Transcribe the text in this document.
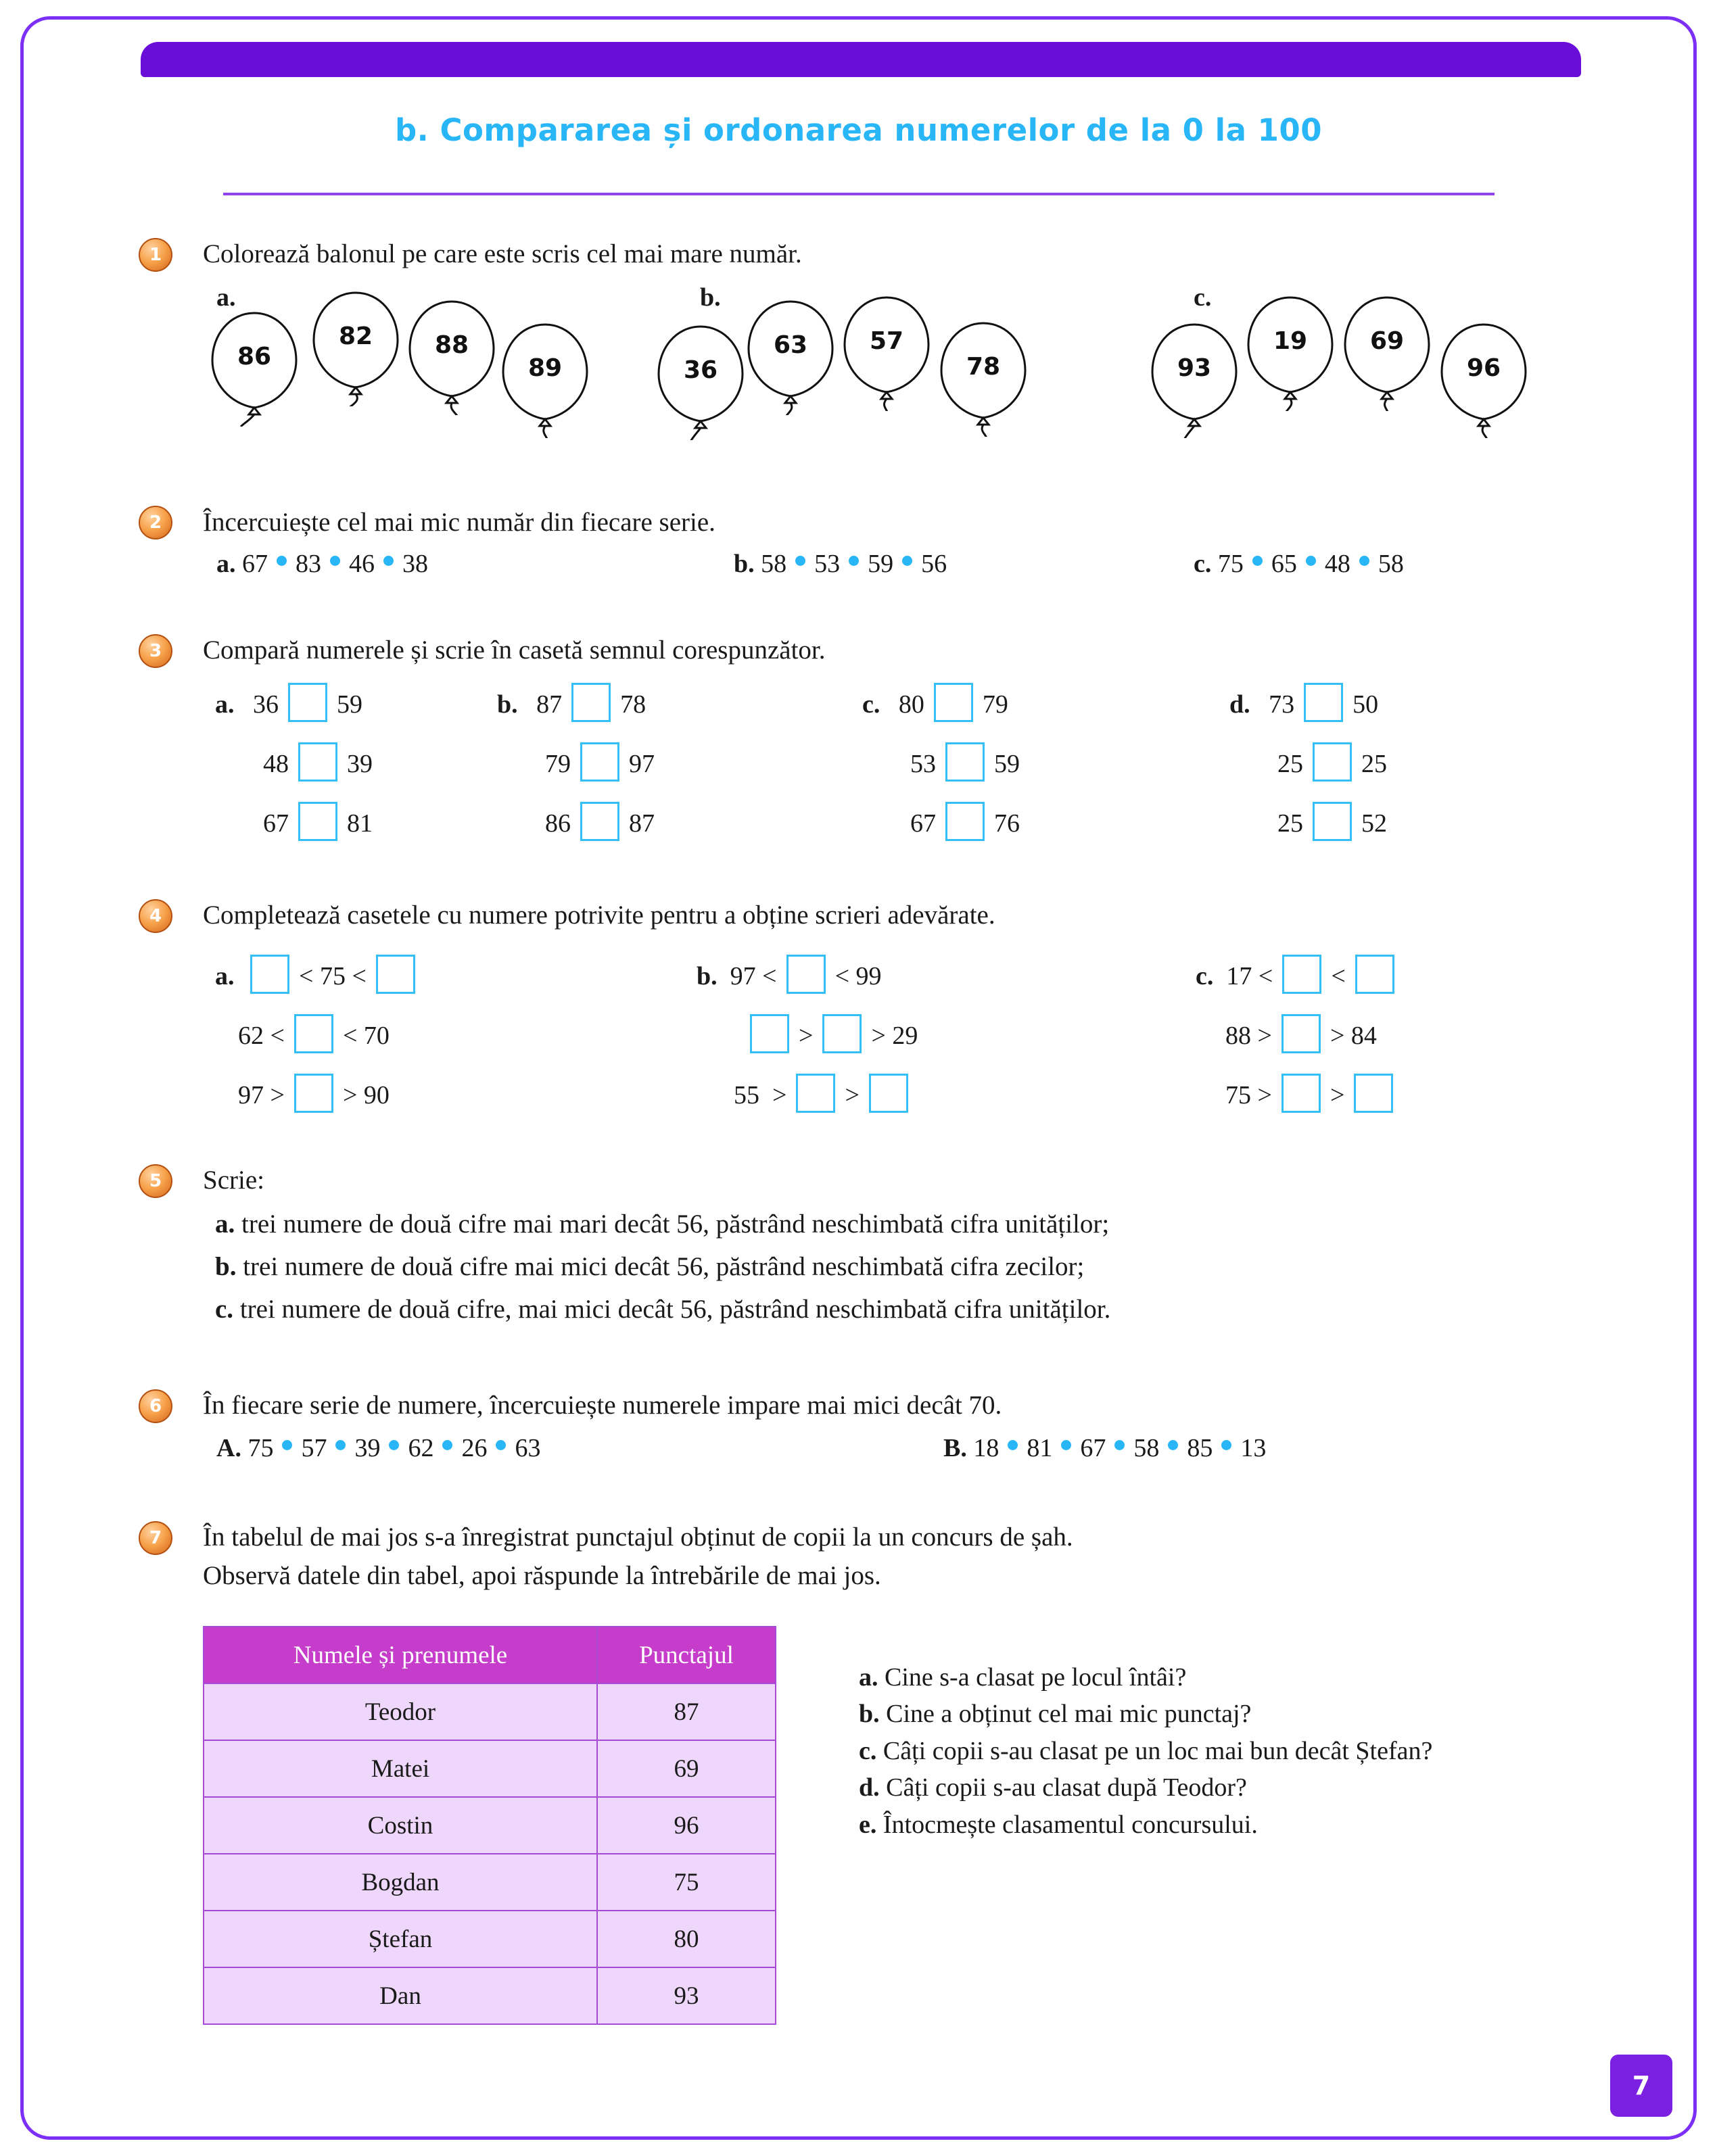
b. Compararea și ordonarea numerelor de la 0 la 100
1	Colorează balonul pe care este scris cel mai mare număr.
a.
86
82	88
89
b.
36
63	57
78
c.
93
19	69
96
2	Încercuiește cel mai mic număr din fiecare serie.
a. 67 83 46 38	b. 58 53 59 56	c. 75 65 48 58
3	Compară numerele și scrie în casetă semnul corespunzător.
a. 36 59
48 39
67 81
b. 87 78
79 97
86 87
c. 80 79
53 59
67 76
d. 73 50
25 25
25 52
4	Completează casetele cu numere potrivite pentru a obține scrieri adevărate.
a.	< 75 <
62 < < 70
97 > > 90
b. 97 < < 99
> > 29
55  > >
c. 17 < <
88 > > 84
75 > >
5	Scrie:
a. trei numere de două cifre mai mari decât 56, păstrând neschimbată cifra unităților;
b. trei numere de două cifre mai mici decât 56, păstrând neschimbată cifra zecilor;
c. trei numere de două cifre, mai mici decât 56, păstrând neschimbată cifra unităților.
6	În fiecare serie de numere, încercuiește numerele impare mai mici decât 70.
A. 75 57 39 62 26 63	B. 18 81 67 58 85 13
7	În tabelul de mai jos s-a înregistrat punctajul obținut de copii la un concurs de șah.
Observă datele din tabel, apoi răspunde la întrebările de mai jos.
Numele și prenumele	Punctajul
Teodor	87
Matei	69
Costin	96
Bogdan	75
Ștefan	80
Dan	93
a. Cine s-a clasat pe locul întâi?
b. Cine a obținut cel mai mic punctaj?
c. Câți copii s-au clasat pe un loc mai bun decât Ștefan?
d. Câți copii s-au clasat după Teodor?
e. Întocmește clasamentul concursului.
7
